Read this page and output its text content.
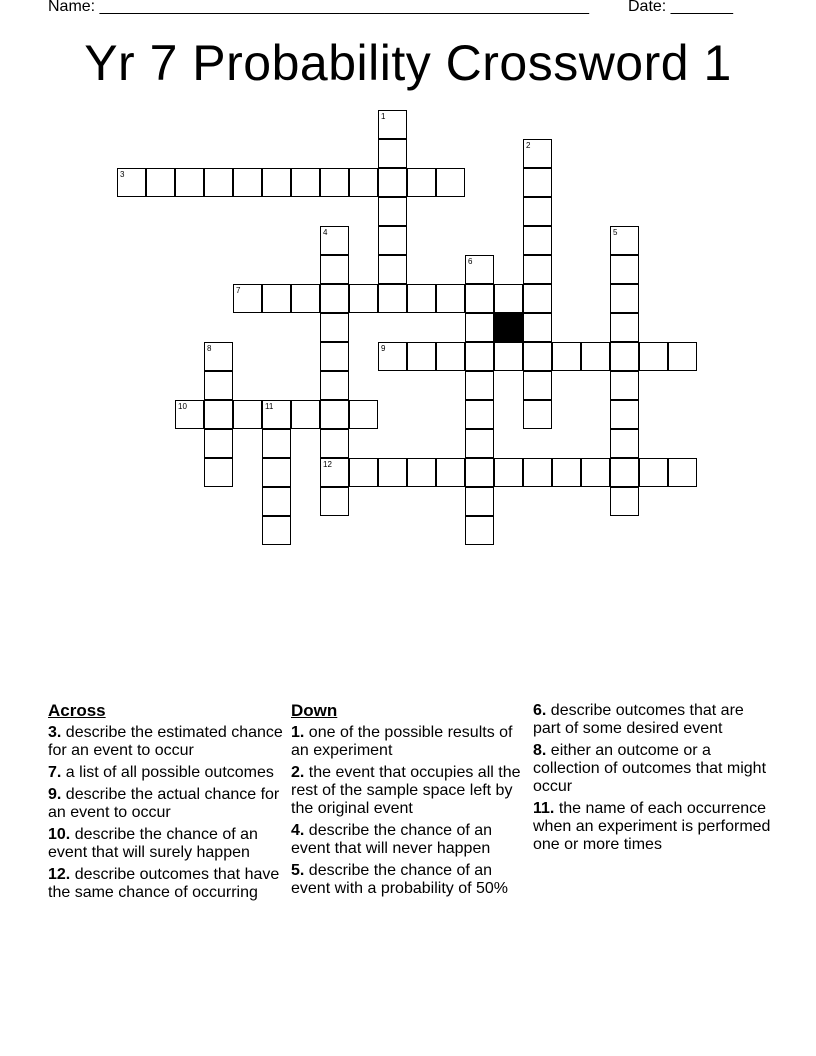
Name: _______________________________________________________ Date: _______
Yr 7 Probability Crossword 1
1
2
3
4
12
5
6
7
8	9
10	11
Across
3. describe the estimated chance for an event to occur
7. a list of all possible outcomes
9. describe the actual chance for an event to occur
10. describe the chance of an event that will surely happen
12. describe outcomes that have the same chance of occurring
Down
1. one of the possible results of an experiment
2. the event that occupies all the rest of the sample space left by the original event
4. describe the chance of an event that will never happen
5. describe the chance of an event with a probability of 50%
6. describe outcomes that are part of some desired event
8. either an outcome or a collection of outcomes that might occur
11. the name of each occurrence when an experiment is performed one or more times
